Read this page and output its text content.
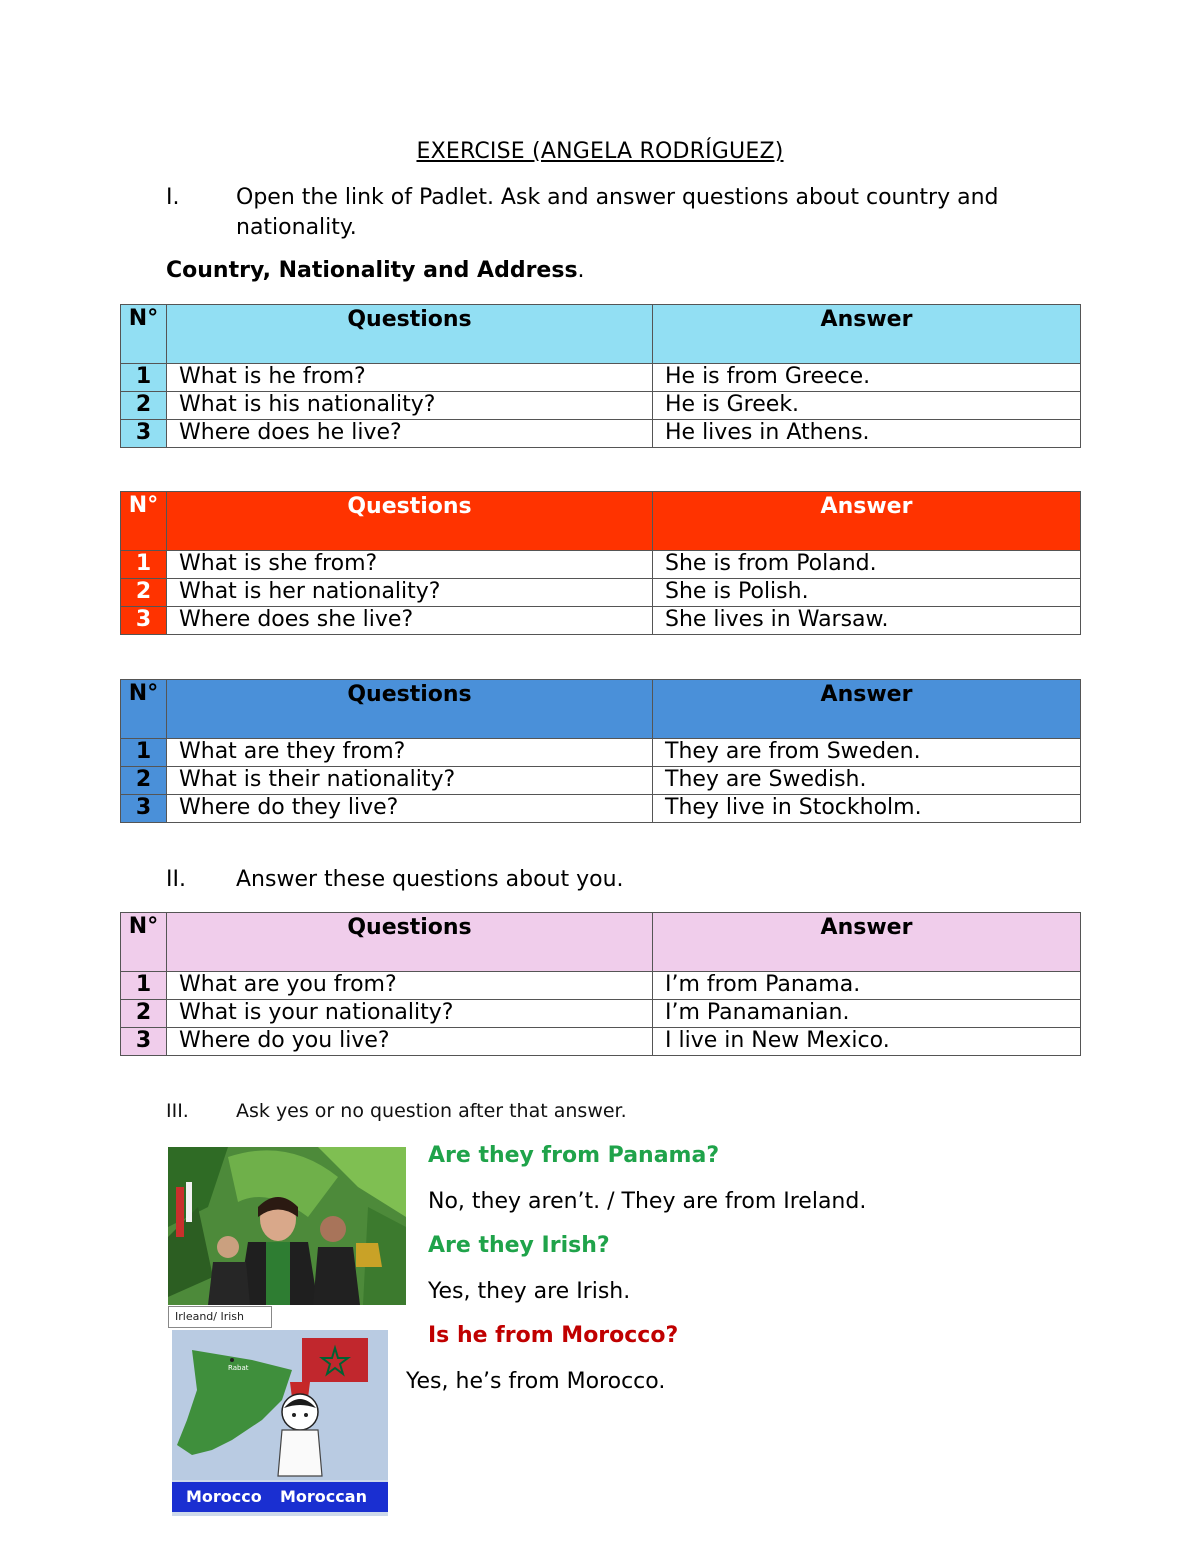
EXERCISE (ANGELA RODRÍGUEZ)
I.	Open the link of Padlet. Ask and answer questions about country and nationality.
Country, Nationality and Address.
N°	Questions	Answer
1	What is he from?	He is from Greece.
2	What is his nationality?	He is Greek.
3	Where does he live?	He lives in Athens.
N°	Questions	Answer
1	What is she from?	She is from Poland.
2	What is her nationality?	She is Polish.
3	Where does she live?	She lives in Warsaw.
N°	Questions	Answer
1	What are they from?	They are from Sweden.
2	What is their nationality?	They are Swedish.
3	Where do they live?	They live in Stockholm.
II. Answer these questions about you.
N°	Questions	Answer
1	What are you from?	I’m from Panama.
2	What is your nationality?	I’m Panamanian.
3	Where do you live?	I live in New Mexico.
III. Ask yes or no question after that answer.
Irleand/ Irish
Rabat
Morocco Moroccan
Are they from Panama?
No, they aren’t. / They are from Ireland.
Are they Irish?
Yes, they are Irish.
Is he from Morocco?
Yes, he’s from Morocco.
